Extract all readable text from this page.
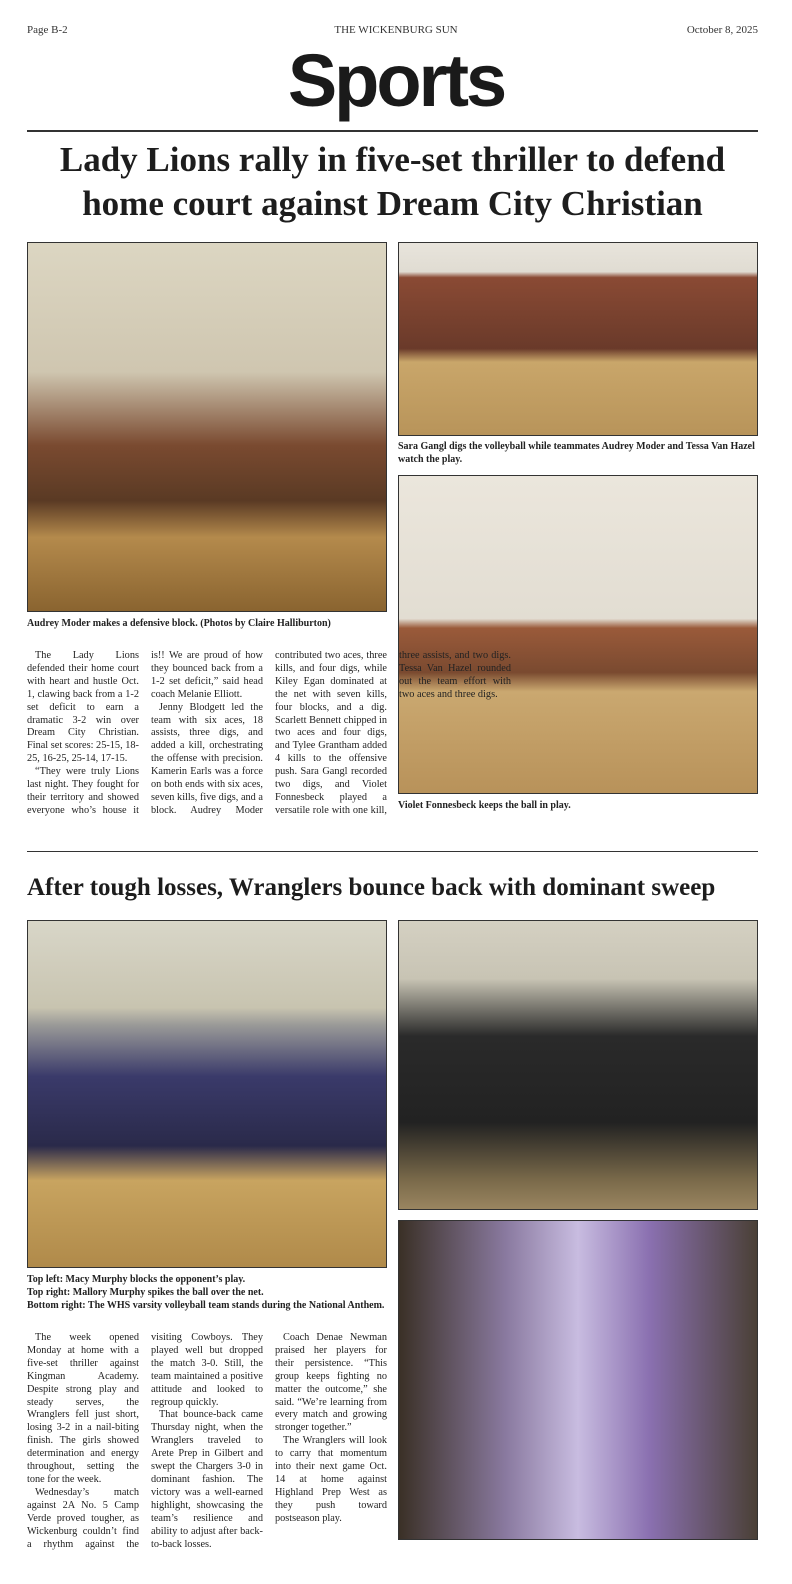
Page B-2	THE WICKENBURG SUN	October 8, 2025
Sports
Lady Lions rally in five-set thriller to defend home court against Dream City Christian
Audrey Moder makes a defensive block. (Photos by Claire Halliburton)
Sara Gangl digs the volleyball while teammates Audrey Moder and Tessa Van Hazel watch the play.
Violet Fonnesbeck keeps the ball in play.

The Lady Lions defended their home court with heart and hustle Oct. 1, clawing back from a 1-2 set deficit to earn a dramatic 3-2 win over Dream City Christian. Final set scores: 25-15, 18-25, 16-25, 25-14, 17-15.

“They were truly Lions last night. They fought for their territory and showed everyone who’s house it is!! We are proud of how they bounced back from a 1-2 set deficit,” said head coach Melanie Elliott.

Jenny Blodgett led the team with six aces, 18 assists, three digs, and added a kill, orchestrating the offense with precision. Kamerin Earls was a force on both ends with six aces, seven kills, five digs, and a block. Audrey Moder contributed two aces, three kills, and four digs, while Kiley Egan dominated at the net with seven kills, four blocks, and a dig. Scarlett Bennett chipped in two aces and four digs, and Tylee Grantham added 4 kills to the offensive push. Sara Gangl recorded two digs, and Violet Fonnesbeck played a versatile role with one kill, three assists, and two digs. Tessa Van Hazel rounded out the team effort with two aces and three digs.

After tough losses, Wranglers bounce back with dominant sweep
Top left: Macy Murphy blocks the opponent’s play.
Top right: Mallory Murphy spikes the ball over the net.
Bottom right: The WHS varsity volleyball team stands during the National Anthem.

The week opened Monday at home with a five-set thriller against Kingman Academy. Despite strong play and steady serves, the Wranglers fell just short, losing 3-2 in a nail-biting finish. The girls showed determination and energy throughout, setting the tone for the week.

Wednesday’s match against 2A No. 5 Camp Verde proved tougher, as Wickenburg couldn’t find a rhythm against the visiting Cowboys. They played well but dropped the match 3-0. Still, the team maintained a positive attitude and looked to regroup quickly.

That bounce-back came Thursday night, when the Wranglers traveled to Arete Prep in Gilbert and swept the Chargers 3-0 in dominant fashion. The victory was a well-earned highlight, showcasing the team’s resilience and ability to adjust after back-to-back losses.

Coach Denae Newman praised her players for their persistence. “This group keeps fighting no matter the outcome,” she said. “We’re learning from every match and growing stronger together.”

The Wranglers will look to carry that momentum into their next game Oct. 14 at home against Highland Prep West as they push toward postseason play.
